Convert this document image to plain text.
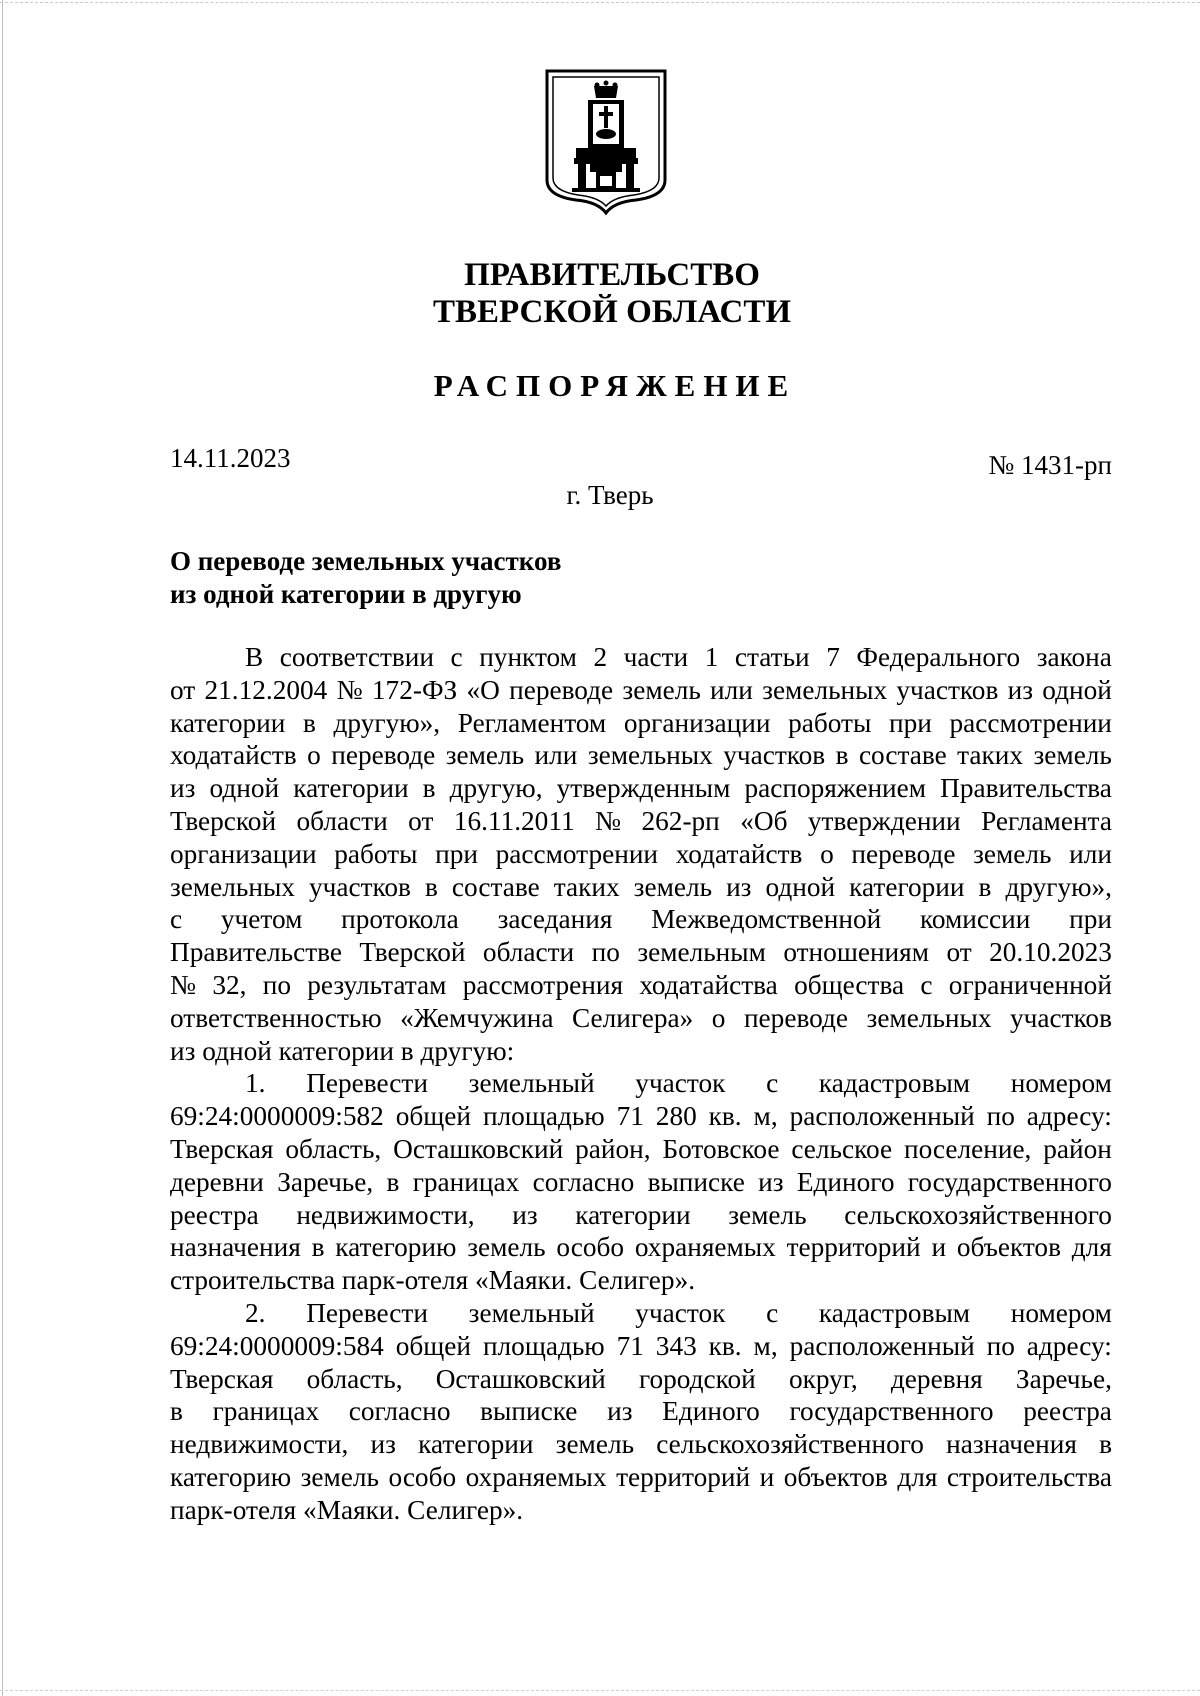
ПРАВИТЕЛЬСТВО
ТВЕРСКОЙ ОБЛАСТИ
РАСПОРЯЖЕНИЕ
14.11.2023	№ 1431-рп
г. Тверь
О переводе земельных участков
из одной категории в другую
В соответствии с пунктом 2 части 1 статьи 7 Федерального закона
от 21.12.2004 № 172-ФЗ «О переводе земель или земельных участков из одной
категории в другую», Регламентом организации работы при рассмотрении
ходатайств о переводе земель или земельных участков в составе таких земель
из одной категории в другую, утвержденным распоряжением Правительства
Тверской области от 16.11.2011 № 262-рп «Об утверждении Регламента
организации работы при рассмотрении ходатайств о переводе земель или
земельных участков в составе таких земель из одной категории в другую»,
с учетом протокола заседания Межведомственной комиссии при
Правительстве Тверской области по земельным отношениям от 20.10.2023
№ 32, по результатам рассмотрения ходатайства общества с ограниченной
ответственностью «Жемчужина Селигера» о переводе земельных участков
из одной категории в другую:
1. Перевести земельный участок с кадастровым номером
69:24:0000009:582 общей площадью 71 280 кв. м, расположенный по адресу:
Тверская область, Осташковский район, Ботовское сельское поселение, район
деревни Заречье, в границах согласно выписке из Единого государственного
реестра недвижимости, из категории земель сельскохозяйственного
назначения в категорию земель особо охраняемых территорий и объектов для
строительства парк-отеля «Маяки. Селигер».
2. Перевести земельный участок с кадастровым номером
69:24:0000009:584 общей площадью 71 343 кв. м, расположенный по адресу:
Тверская область, Осташковский городской округ, деревня Заречье,
в границах согласно выписке из Единого государственного реестра
недвижимости, из категории земель сельскохозяйственного назначения в
категорию земель особо охраняемых территорий и объектов для строительства
парк-отеля «Маяки. Селигер».
